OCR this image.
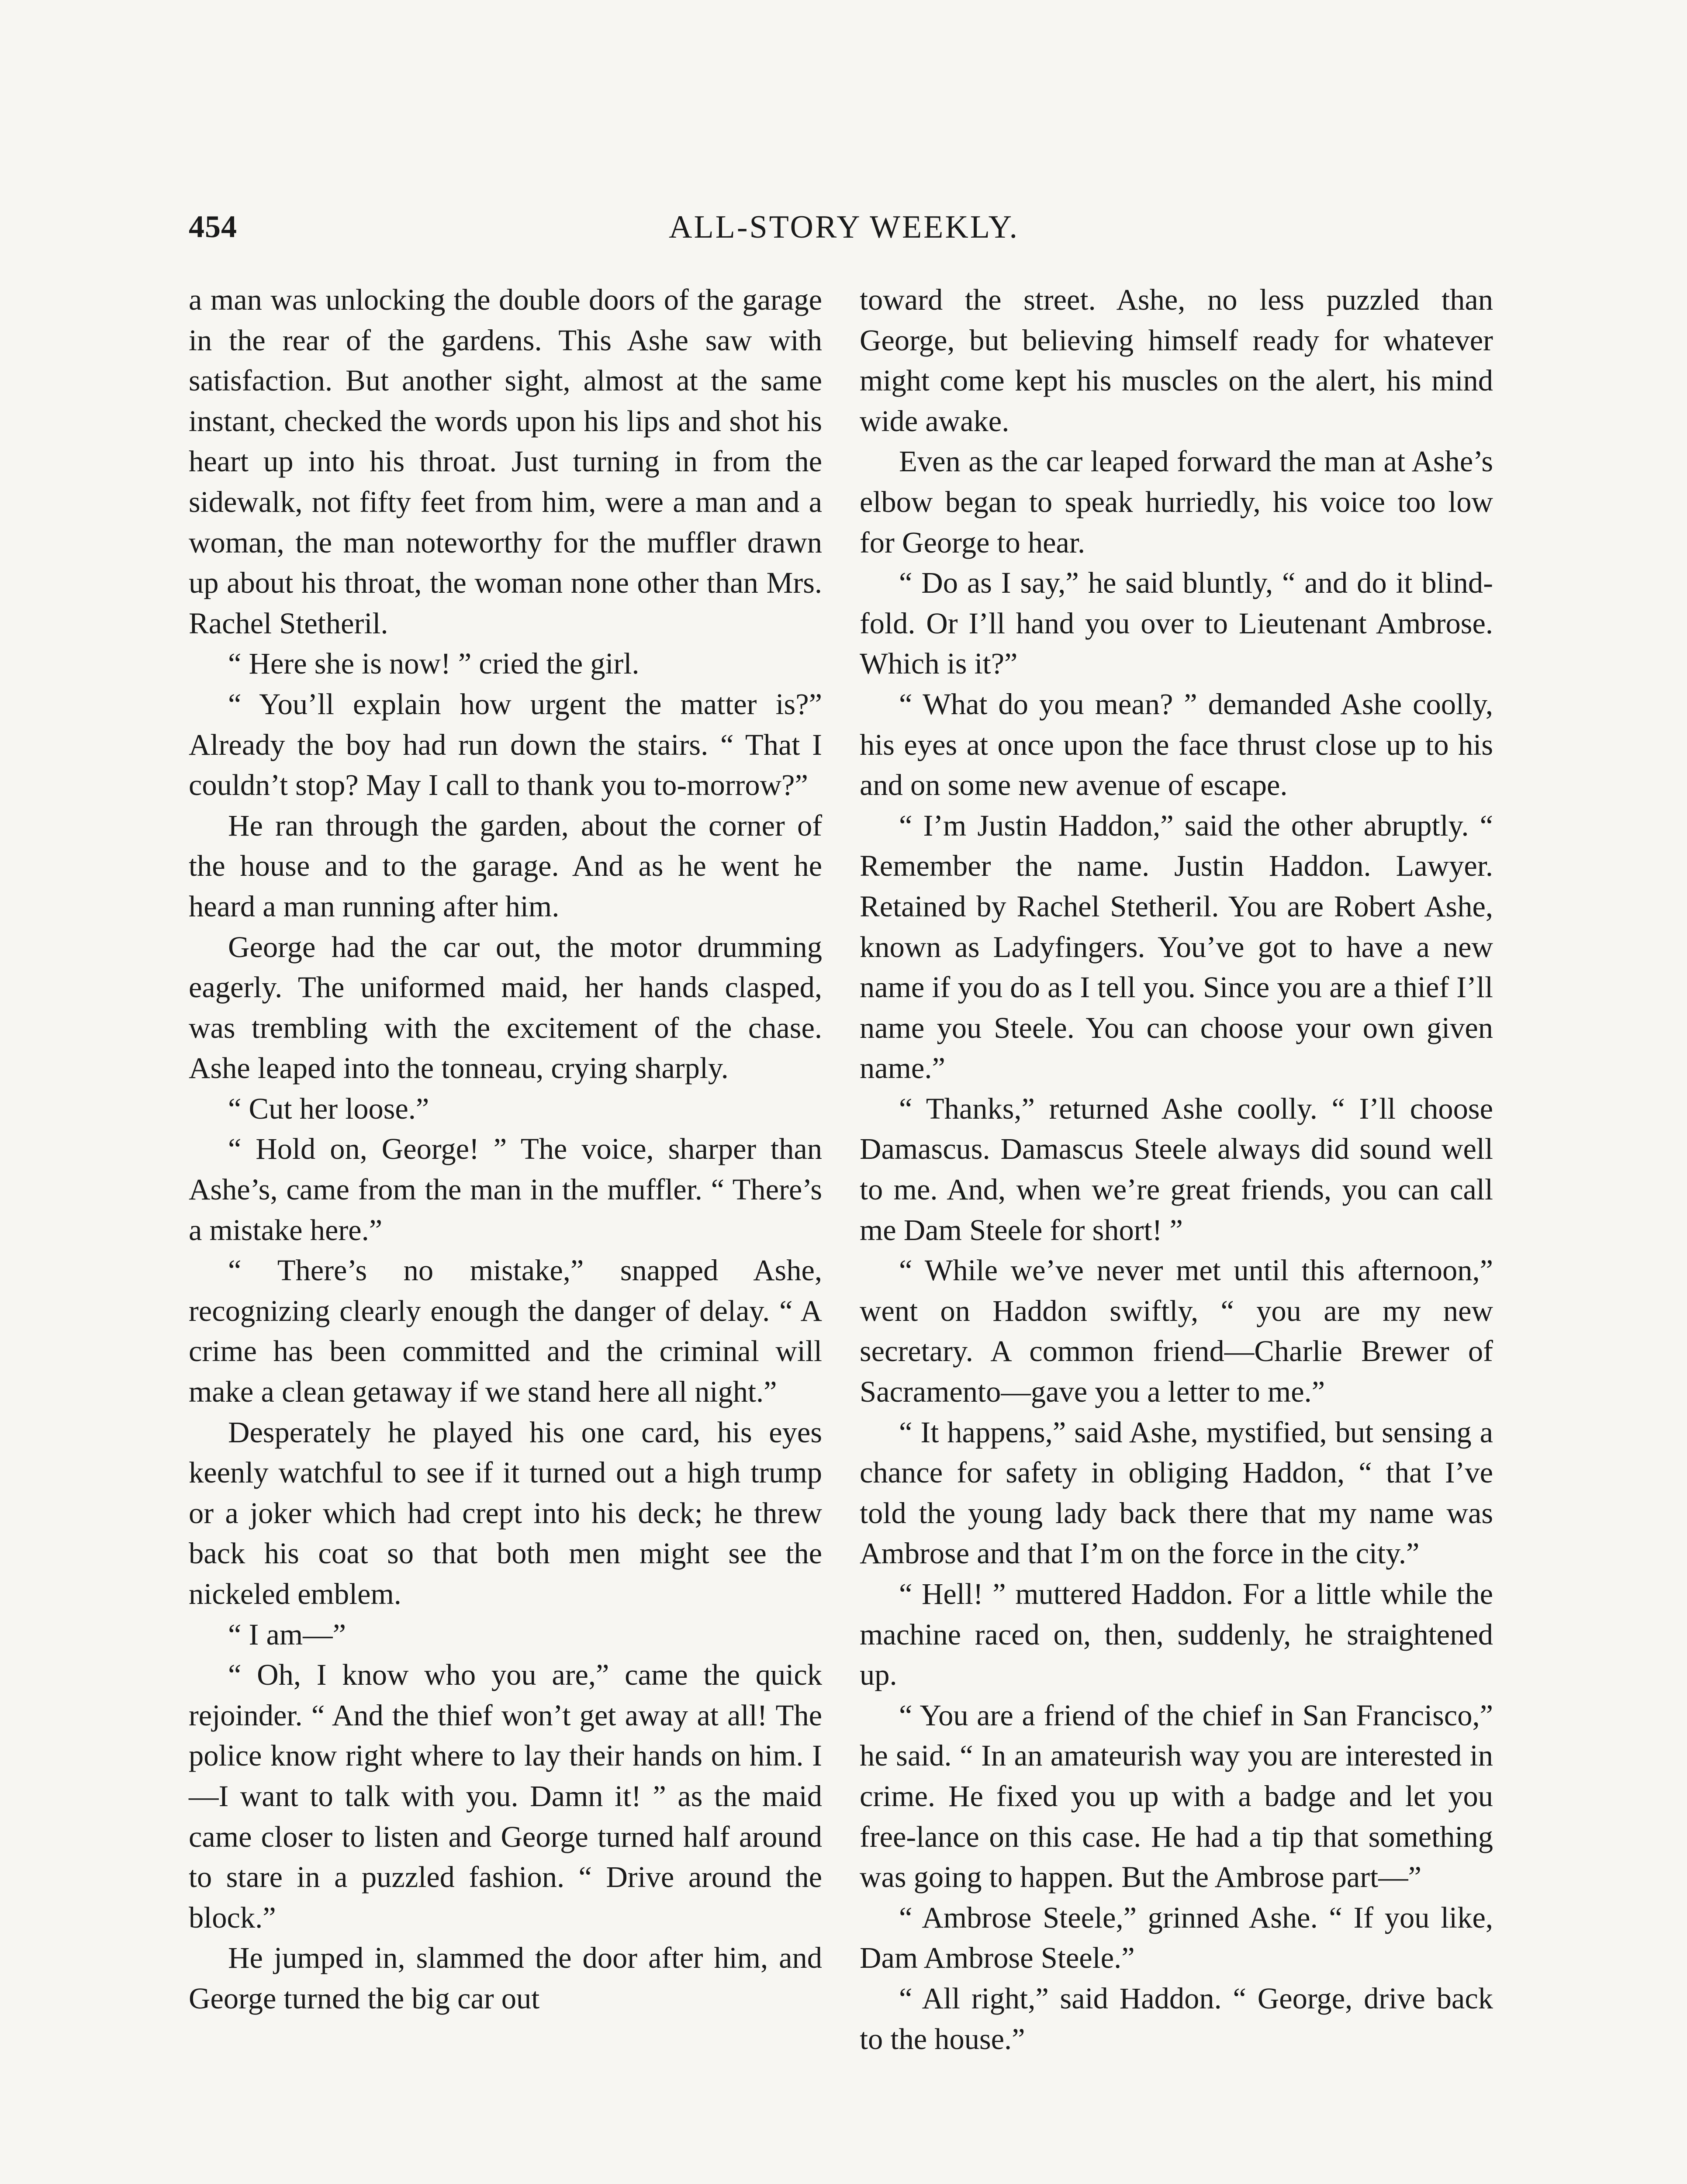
454	ALL-STORY WEEKLY.

a man was unlocking the double doors of the garage in the rear of the gardens. This Ashe saw with satisfaction. But another sight, almost at the same instant, checked the words upon his lips and shot his heart up into his throat. Just turning in from the sidewalk, not fifty feet from him, were a man and a woman, the man noteworthy for the muffler drawn up about his throat, the woman none other than Mrs. Rachel Stetheril.

“ Here she is now! ” cried the girl.

“ You’ll explain how urgent the matter is?” Already the boy had run down the stairs. “ That I couldn’t stop? May I call to thank you to-morrow?”

He ran through the garden, about the corner of the house and to the garage. And as he went he heard a man running after him.

George had the car out, the motor drumming eagerly. The uniformed maid, her hands clasped, was trembling with the excitement of the chase. Ashe leaped into the tonneau, crying sharply.

“ Cut her loose.”

“ Hold on, George! ” The voice, sharper than Ashe’s, came from the man in the muffler. “ There’s a mistake here.”

“ There’s no mistake,” snapped Ashe, recognizing clearly enough the danger of delay. “ A crime has been committed and the criminal will make a clean getaway if we stand here all night.”

Desperately he played his one card, his eyes keenly watchful to see if it turned out a high trump or a joker which had crept into his deck; he threw back his coat so that both men might see the nickeled emblem.

“ I am—”

“ Oh, I know who you are,” came the quick rejoinder. “ And the thief won’t get away at all! The police know right where to lay their hands on him. I—I want to talk with you. Damn it! ” as the maid came closer to listen and George turned half around to stare in a puzzled fashion. “ Drive around the block.”

He jumped in, slammed the door after him, and George turned the big car out

toward the street. Ashe, no less puzzled than George, but believing himself ready for whatever might come kept his muscles on the alert, his mind wide awake.

Even as the car leaped forward the man at Ashe’s elbow began to speak hurriedly, his voice too low for George to hear.

“ Do as I say,” he said bluntly, “ and do it blind-fold. Or I’ll hand you over to Lieutenant Ambrose. Which is it?”

“ What do you mean? ” demanded Ashe coolly, his eyes at once upon the face thrust close up to his and on some new avenue of escape.

“ I’m Justin Haddon,” said the other abruptly. “ Remember the name. Justin Haddon. Lawyer. Retained by Rachel Stetheril. You are Robert Ashe, known as Ladyfingers. You’ve got to have a new name if you do as I tell you. Since you are a thief I’ll name you Steele. You can choose your own given name.”

“ Thanks,” returned Ashe coolly. “ I’ll choose Damascus. Damascus Steele always did sound well to me. And, when we’re great friends, you can call me Dam Steele for short! ”

“ While we’ve never met until this afternoon,” went on Haddon swiftly, “ you are my new secretary. A common friend—Charlie Brewer of Sacramento—gave you a letter to me.”

“ It happens,” said Ashe, mystified, but sensing a chance for safety in obliging Haddon, “ that I’ve told the young lady back there that my name was Ambrose and that I’m on the force in the city.”

“ Hell! ” muttered Haddon. For a little while the machine raced on, then, suddenly, he straightened up.

“ You are a friend of the chief in San Francisco,” he said. “ In an amateurish way you are interested in crime. He fixed you up with a badge and let you free-lance on this case. He had a tip that something was going to happen. But the Ambrose part—”

“ Ambrose Steele,” grinned Ashe. “ If you like, Dam Ambrose Steele.”

“ All right,” said Haddon. “ George, drive back to the house.”
